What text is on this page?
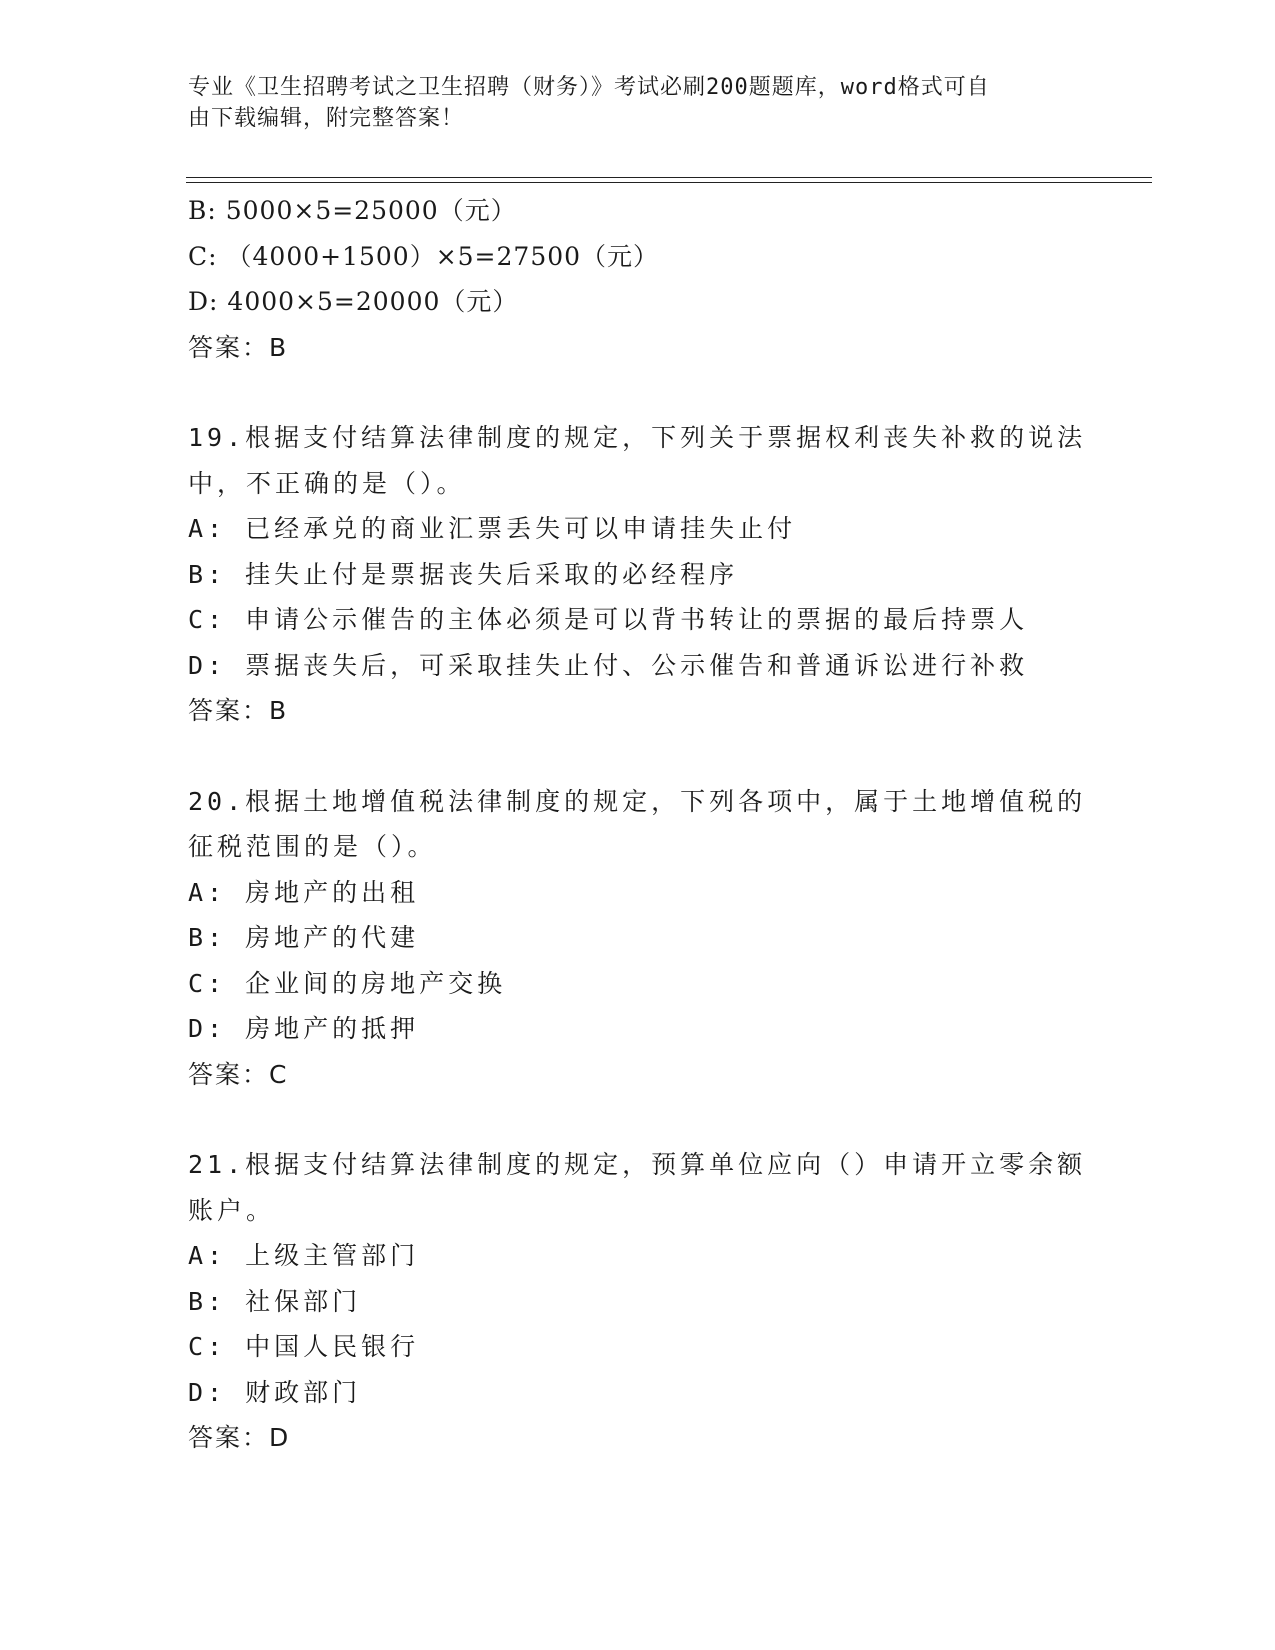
专业《卫生招聘考试之卫生招聘（财务）》考试必刷200题题库，word格式可自
由下载编辑，附完整答案！
B: 5000×5=25000（元）
C: （4000+1500）×5=27500（元）
D: 4000×5=20000（元）
答案：B
19.根据支付结算法律制度的规定，下列关于票据权利丧失补救的说法
中，不正确的是（）。
A: 已经承兑的商业汇票丢失可以申请挂失止付
B: 挂失止付是票据丧失后采取的必经程序
C: 申请公示催告的主体必须是可以背书转让的票据的最后持票人
D: 票据丧失后，可采取挂失止付、公示催告和普通诉讼进行补救
答案：B
20.根据土地增值税法律制度的规定，下列各项中，属于土地增值税的
征税范围的是（）。
A: 房地产的出租
B: 房地产的代建
C: 企业间的房地产交换
D: 房地产的抵押
答案：C
21.根据支付结算法律制度的规定，预算单位应向（）申请开立零余额
账户。
A: 上级主管部门
B: 社保部门
C: 中国人民银行
D: 财政部门
答案：D
